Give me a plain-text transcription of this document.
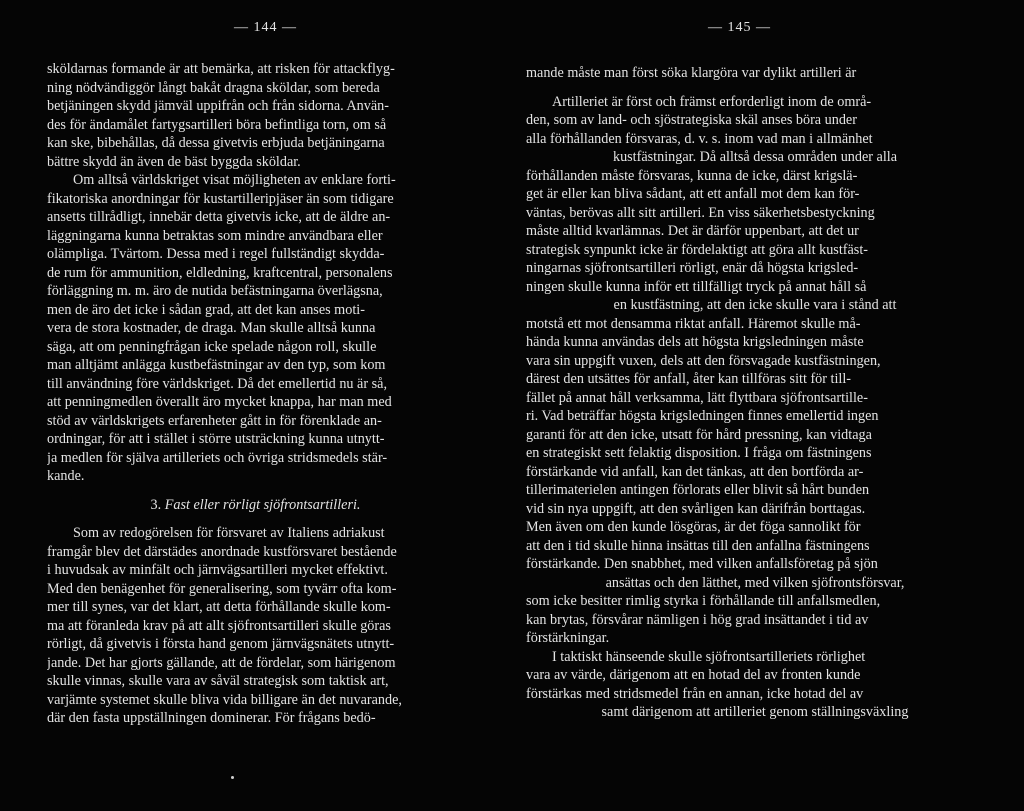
— 144 —
sköldarnas formande är att bemärka, att risken för attackflyg-
ning nödvändiggör långt bakåt dragna sköldar, som bereda
betjäningen skydd jämväl uppifrån och från sidorna. Använ-
des för ändamålet fartygsartilleri böra befintliga torn, om så
kan ske, bibehållas, då dessa givetvis erbjuda betjäningarna
bättre skydd än även de bäst byggda sköldar.
Om alltså världskriget visat möjligheten av enklare forti-
fikatoriska anordningar för kustartilleripjäser än som tidigare
ansetts tillrådligt, innebär detta givetvis icke, att de äldre an-
läggningarna kunna betraktas som mindre användbara eller
olämpliga. Tvärtom. Dessa med i regel fullständigt skydda-
de rum för ammunition, eldledning, kraftcentral, personalens
förläggning m. m. äro de nutida befästningarna överlägsna,
men de äro det icke i sådan grad, att det kan anses moti-
vera de stora kostnader, de draga. Man skulle alltså kunna
säga, att om penningfrågan icke spelade någon roll, skulle
man alltjämt anlägga kustbefästningar av den typ, som kom
till användning före världskriget. Då det emellertid nu är så,
att penningmedlen överallt äro mycket knappa, har man med
stöd av världskrigets erfarenheter gått in för förenklade an-
ordningar, för att i stället i större utsträckning kunna utnytt-
ja medlen för själva artilleriets och övriga stridsmedels stär-
kande.
3. Fast eller rörligt sjöfrontsartilleri.
Som av redogörelsen för försvaret av Italiens adriakust
framgår blev det därstädes anordnade kustförsvaret bestående
i huvudsak av minfält och järnvägsartilleri mycket effektivt.
Med den benägenhet för generalisering, som tyvärr ofta kom-
mer till synes, var det klart, att detta förhållande skulle kom-
ma att föranleda krav på att allt sjöfrontsartilleri skulle göras
rörligt, då givetvis i första hand genom järnvägsnätets utnytt-
jande. Det har gjorts gällande, att de fördelar, som härigenom
skulle vinnas, skulle vara av såväl strategisk som taktisk art,
varjämte systemet skulle bliva vida billigare än det nuvarande,
där den fasta uppställningen dominerar. För frågans bedö-
— 145 —
mande måste man först söka klargöra var dylikt artilleri är
Artilleriet är först och främst erforderligt inom de områ-
den, som av land- och sjöstrategiska skäl anses böra under
alla förhållanden försvaras, d. v. s. inom vad man i allmänhet
kustfästningar. Då alltså dessa områden under alla
förhållanden måste försvaras, kunna de icke, därst krigslä-
get är eller kan bliva sådant, att ett anfall mot dem kan för-
väntas, berövas allt sitt artilleri. En viss säkerhetsbestyckning
måste alltid kvarlämnas. Det är därför uppenbart, att det ur
strategisk synpunkt icke är fördelaktigt att göra allt kustfäst-
ningarnas sjöfrontsartilleri rörligt, enär då högsta krigsled-
ningen skulle kunna inför ett tillfälligt tryck på annat håll så
en kustfästning, att den icke skulle vara i stånd att
motstå ett mot densamma riktat anfall. Häremot skulle må-
hända kunna användas dels att högsta krigsledningen måste
vara sin uppgift vuxen, dels att den försvagade kustfästningen,
därest den utsättes för anfall, åter kan tillföras sitt för till-
fället på annat håll verksamma, lätt flyttbara sjöfrontsartille-
ri. Vad beträffar högsta krigsledningen finnes emellertid ingen
garanti för att den icke, utsatt för hård pressning, kan vidtaga
en strategiskt sett felaktig disposition. I fråga om fästningens
förstärkande vid anfall, kan det tänkas, att den bortförda ar-
tillerimaterielen antingen förlorats eller blivit så hårt bunden
vid sin nya uppgift, att den svårligen kan därifrån borttagas.
Men även om den kunde lösgöras, är det föga sannolikt för
att den i tid skulle hinna insättas till den anfallna fästningens
förstärkande. Den snabbhet, med vilken anfallsföretag på sjön
ansättas och den lätthet, med vilken sjöfrontsförsvar,
som icke besitter rimlig styrka i förhållande till anfallsmedlen,
kan brytas, försvårar nämligen i hög grad insättandet i tid av
förstärkningar.
I taktiskt hänseende skulle sjöfrontsartilleriets rörlighet
vara av värde, därigenom att en hotad del av fronten kunde
förstärkas med stridsmedel från en annan, icke hotad del av
samt därigenom att artilleriet genom ställningsväxling
